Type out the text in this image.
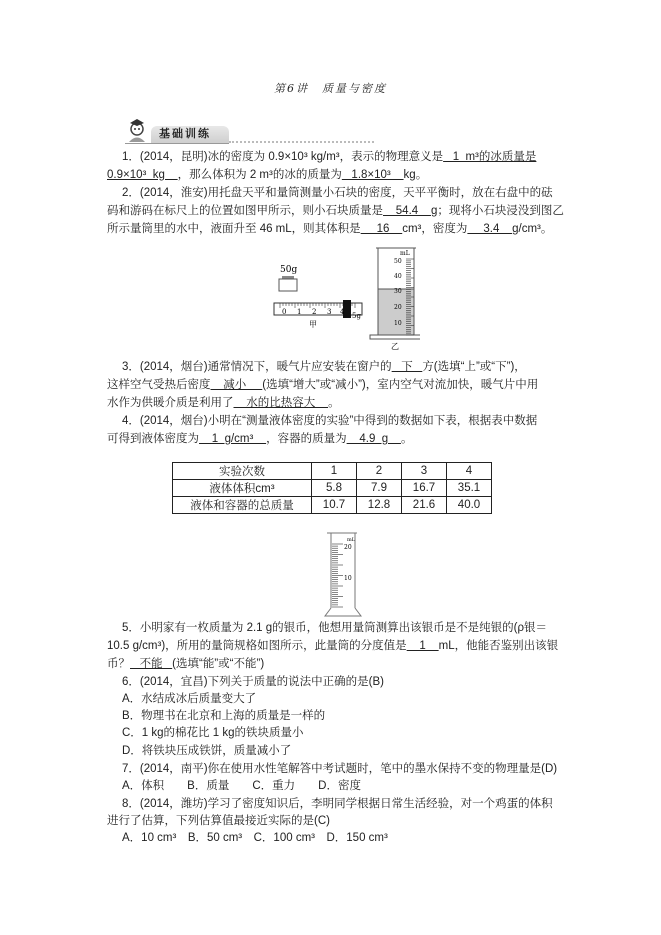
第6讲　质量与密度
基础训练
1．(2014，昆明)冰的密度为 0.9×10³ kg/m³，表示的物理意义是   1  m³的冰质量是
0.9×10³  kg    ，那么体积为 2 m³的冰的质量为   1.8×10³    kg。
2．(2014，淮安)用托盘天平和量筒测量小石块的密度，天平平衡时，放在右盘中的砝
码和游码在标尺上的位置如图甲所示，则小石块质量是    54.4    g；现将小石块浸没到图乙
所示量筒里的水中，液面升至 46 mL，则其体积是     16    cm³，密度为     3.4    g/cm³。
3．(2014，烟台)通常情况下，暖气片应安装在窗户的   下   方(选填“上”或“下”)，
这样空气受热后密度    减小     (选填“增大”或“减小”)，室内空气对流加快，暖气片中用
水作为供暖介质是利用了    水的比热容大    。
4．(2014，烟台)小明在“测量液体密度的实验”中得到的数据如下表，根据表中数据
可得到液体密度为    1  g/cm³    ，容器的质量为    4.9  g    。
5．小明家有一枚质量为 2.1 g的银币，他想用量筒测算出该银币是不是纯银的(ρ银＝
10.5 g/cm³)，所用的量筒规格如图所示，此量筒的分度值是    1    mL，他能否鉴别出该银
币？   不能   (选填“能”或“不能”)
6．(2014，宜昌)下列关于质量的说法中正确的是(B)
A．水结成冰后质量变大了
B．物理书在北京和上海的质量是一样的
C．1 kg的棉花比 1 kg的铁块质量小
D．将铁块压成铁饼，质量减小了
7．(2014，南平)你在使用水性笔解答中考试题时，笔中的墨水保持不变的物理量是(D)
A．体积　　B．质量　　C．重力　　D．密度
8．(2014，潍坊)学习了密度知识后，李明同学根据日常生活经验，对一个鸡蛋的体积
进行了估算，下列估算值最接近实际的是(C)
A．10 cm³　B．50 cm³　C．100 cm³　D．150 cm³
50g
5g
0 1 2 3 4
甲
mL
50
40
30
20
10
乙
实验次数	1	2	3	4
液体体积cm³	5.8	7.9	16.7	35.1
液体和容器的总质量	10.7	12.8	21.6	40.0
mL
20
10
